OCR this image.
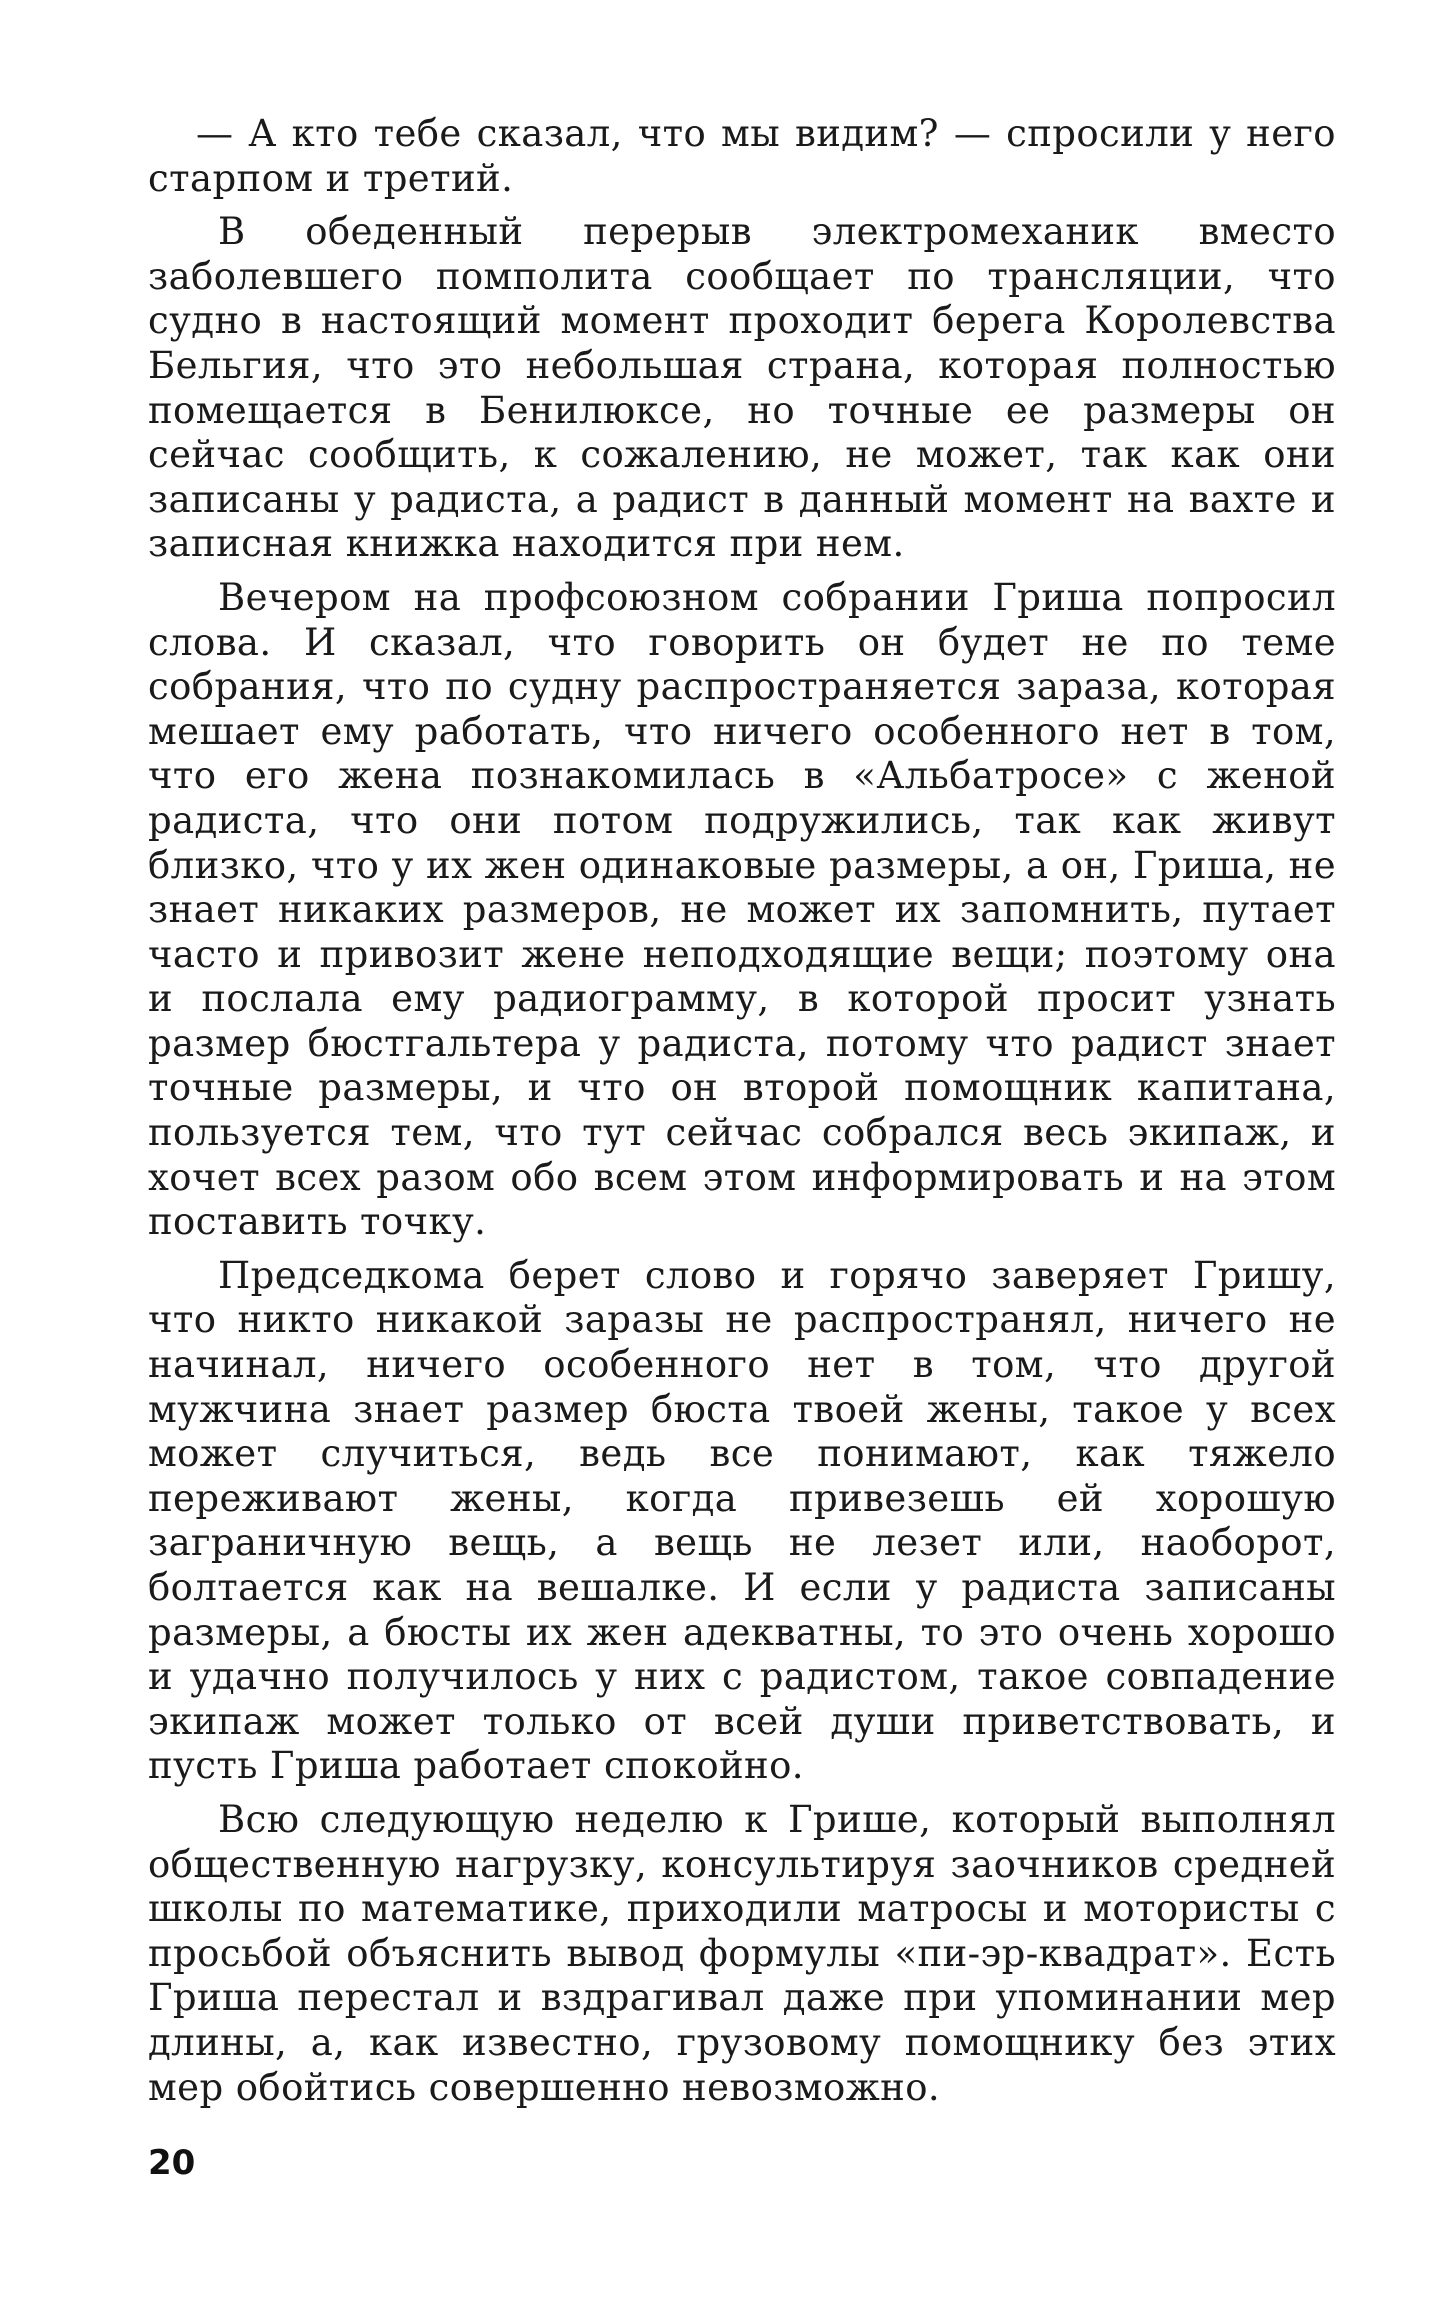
— А кто тебе сказал, что мы видим? — спросили у него старпом и третий.

В обеденный перерыв электромеханик вместо заболевшего помполита сообщает по трансляции, что судно в настоящий момент проходит берега Королевства Бельгия, что это небольшая страна, которая полностью помещается в Бенилюксе, но точные ее размеры он сейчас сообщить, к сожалению, не может, так как они записаны у радиста, а радист в данный момент на вахте и записная книжка находится при нем.

Вечером на профсоюзном собрании Гриша попросил слова. И сказал, что говорить он будет не по теме собрания, что по судну распространяется зараза, которая мешает ему работать, что ничего особенного нет в том, что его жена познакомилась в «Альбатросе» с женой радиста, что они потом подружились, так как живут близко, что у их жен одинаковые размеры, а он, Гриша, не знает никаких размеров, не может их запомнить, путает часто и привозит жене неподходящие вещи; поэтому она и послала ему радиограмму, в которой просит узнать размер бюстгальтера у радиста, потому что радист знает точные размеры, и что он второй помощник капитана, пользуется тем, что тут сейчас собрался весь экипаж, и хочет всех разом обо всем этом информировать и на этом поставить точку.

Председкома берет слово и горячо заверяет Гришу, что никто никакой заразы не распространял, ничего не начинал, ничего особенного нет в том, что другой мужчина знает размер бюста твоей жены, такое у всех может случиться, ведь все понимают, как тяжело переживают жены, когда привезешь ей хорошую заграничную вещь, а вещь не лезет или, наоборот, болтается как на вешалке. И если у радиста записаны размеры, а бюсты их жен адекватны, то это очень хорошо и удачно получилось у них с радистом, такое совпадение экипаж может только от всей души приветствовать, и пусть Гриша работает спокойно.

Всю следующую неделю к Грише, который выполнял общественную нагрузку, консультируя заочников средней школы по математике, приходили матросы и мотористы с просьбой объяснить вывод формулы «пи-эр-квадрат». Есть Гриша перестал и вздрагивал даже при упоминании мер длины, а, как известно, грузовому помощнику без этих мер обойтись совершенно невозможно.

20
